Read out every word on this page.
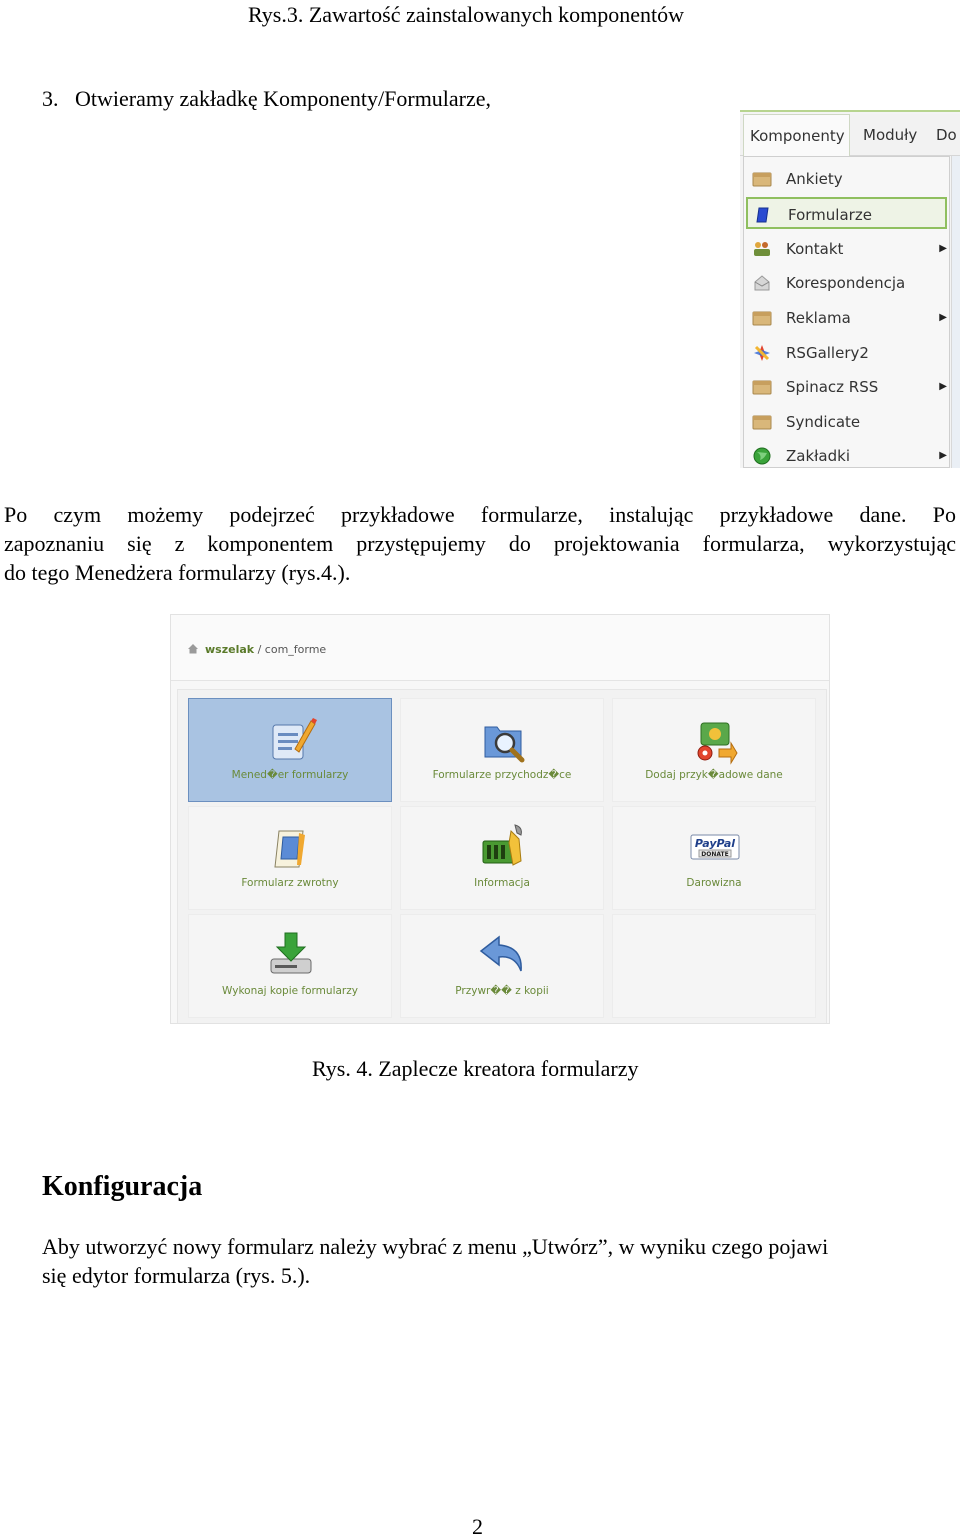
Rys.3. Zawartość zainstalowanych komponentów
3.   Otwieramy zakładkę Komponenty/Formularze,
Komponenty	Moduły	Do
Ankiety
Formularze
Kontakt	▶
Korespondencja
Reklama	▶
RSGallery2
Spinacz RSS	▶
Syndicate
Zakładki	▶
Po czym możemy podejrzeć przykładowe formularze, instalując przykładowe dane. Po
zapoznaniu się z komponentem przystępujemy do projektowania formularza, wykorzystując
do tego Menedżera formularzy (rys.4.).
wszelak / com_forme
Mened�er formularzy	Formularze przychodz�ce	Dodaj przyk�adowe dane
Formularz zwrotny	Informacja
PayPal
DONATE
Darowizna
Wykonaj kopie formularzy	Przywr�� z kopii
Rys. 4. Zaplecze kreatora formularzy
Konfiguracja
Aby utworzyć nowy formularz należy wybrać z menu „Utwórz”, w wyniku czego pojawi
się edytor formularza (rys. 5.).
2
